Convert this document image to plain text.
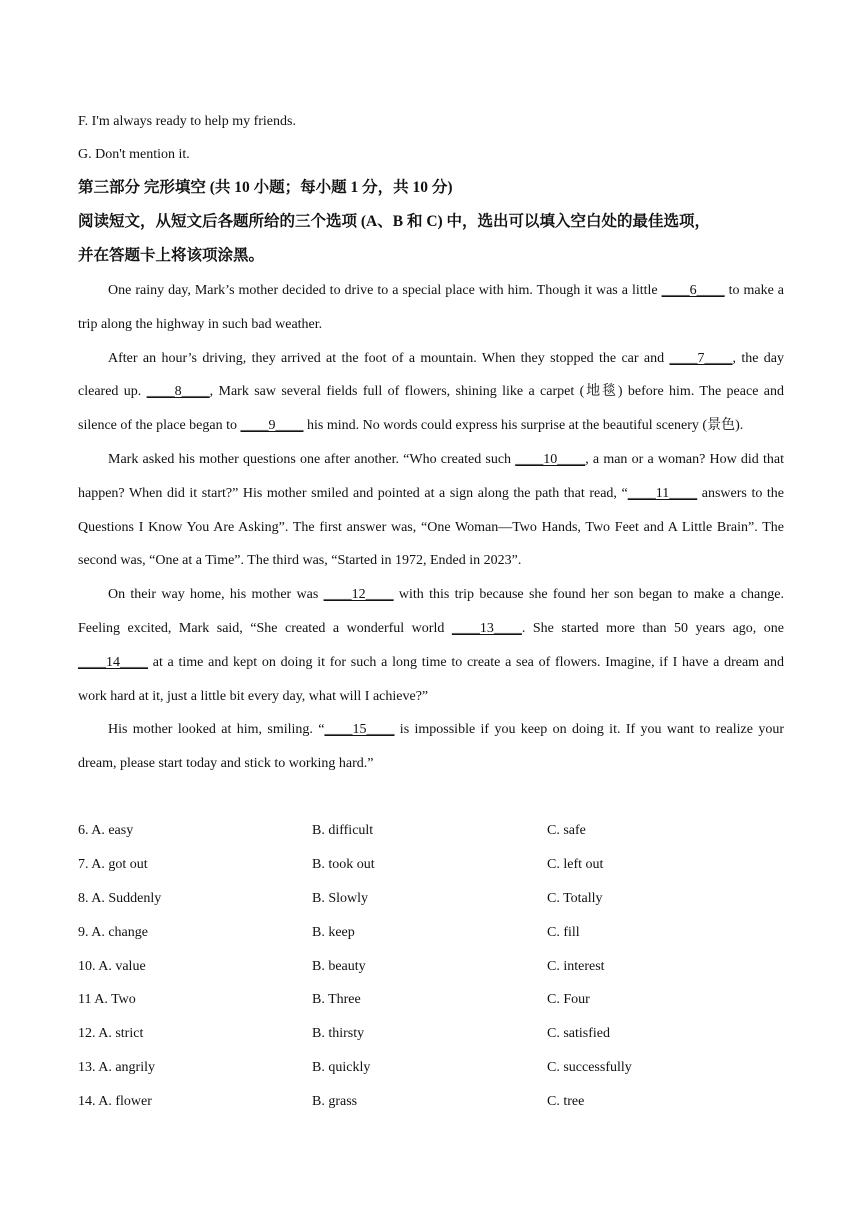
F. I'm always ready to help my friends.
G. Don't mention it.
第三部分 完形填空 (共 10 小题；每小题 1 分，共 10 分)
阅读短文，从短文后各题所给的三个选项 (A、B 和 C) 中，选出可以填入空白处的最佳选项，
并在答题卡上将该项涂黑。

One rainy day, Mark’s mother decided to drive to a special place with him. Though it was a little ____6____ to make a trip along the highway in such bad weather.

After an hour’s driving, they arrived at the foot of a mountain. When they stopped the car and ____7____, the day cleared up. ____8____, Mark saw several fields full of flowers, shining like a carpet (地毯) before him. The peace and silence of the place began to ____9____ his mind. No words could express his surprise at the beautiful scenery (景色).

Mark asked his mother questions one after another. “Who created such ____10____, a man or a woman? How did that happen? When did it start?” His mother smiled and pointed at a sign along the path that read, “____11____ answers to the Questions I Know You Are Asking”. The first answer was, “One Woman—Two Hands, Two Feet and A Little Brain”. The second was, “One at a Time”. The third was, “Started in 1972, Ended in 2023”.

On their way home, his mother was ____12____ with this trip because she found her son began to make a change. Feeling excited, Mark said, “She created a wonderful world ____13____. She started more than 50 years ago, one ____14____ at a time and kept on doing it for such a long time to create a sea of flowers. Imagine, if I have a dream and work hard at it, just a little bit every day, what will I achieve?”

His mother looked at him, smiling. “____15____ is impossible if you keep on doing it. If you want to realize your dream, please start today and stick to working hard.”

6. A. easy	B. difficult	C. safe
7. A. got out	B. took out	C. left out
8. A. Suddenly	B. Slowly	C. Totally
9. A. change	B. keep	C. fill
10. A. value	B. beauty	C. interest
11 A. Two	B. Three	C. Four
12. A. strict	B. thirsty	C. satisfied
13. A. angrily	B. quickly	C. successfully
14. A. flower	B. grass	C. tree
